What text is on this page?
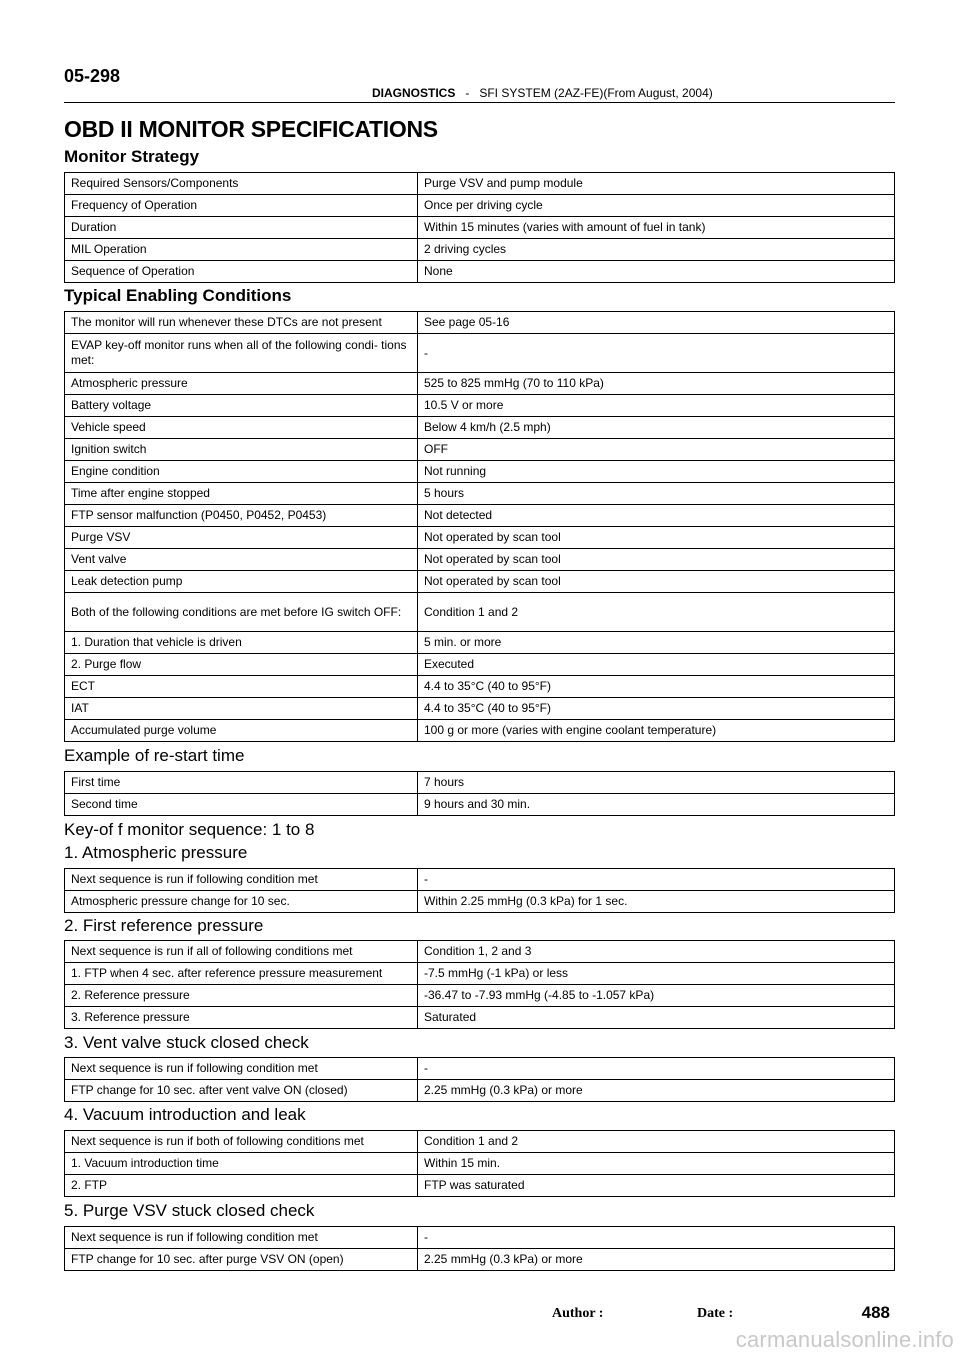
05-298
DIAGNOSTICS - SFI SYSTEM (2AZ-FE)(From August, 2004)
OBD II MONITOR SPECIFICATIONS
Monitor Strategy
Required Sensors/Components	Purge VSV and pump module
Frequency of Operation	Once per driving cycle
Duration	Within 15 minutes (varies with amount of fuel in tank)
MIL Operation	2 driving cycles
Sequence of Operation	None
Typical Enabling Conditions
The monitor will run whenever these DTCs are not present	See page 05-16
EVAP key-off monitor runs when all of the following condi- tions met:	-
Atmospheric pressure	525 to 825 mmHg (70 to 110 kPa)
Battery voltage	10.5 V or more
Vehicle speed	Below 4 km/h (2.5 mph)
Ignition switch	OFF
Engine condition	Not running
Time after engine stopped	5 hours
FTP sensor malfunction (P0450, P0452, P0453)	Not detected
Purge VSV	Not operated by scan tool
Vent valve	Not operated by scan tool
Leak detection pump	Not operated by scan tool
Both of the following conditions are met before IG switch OFF:	Condition 1 and 2
1. Duration that vehicle is driven	5 min. or more
2. Purge flow	Executed
ECT	4.4 to 35°C (40 to 95°F)
IAT	4.4 to 35°C (40 to 95°F)
Accumulated purge volume	100 g or more (varies with engine coolant temperature)
Example of re-start time
First time	7 hours
Second time	9 hours and 30 min.
Key-of f monitor sequence: 1 to 8
1. Atmospheric pressure
Next sequence is run if following condition met	-
Atmospheric pressure change for 10 sec.	Within 2.25 mmHg (0.3 kPa) for 1 sec.
2. First reference pressure
Next sequence is run if all of following conditions met	Condition 1, 2 and 3
1. FTP when 4 sec. after reference pressure measurement	-7.5 mmHg (-1 kPa) or less
2. Reference pressure	-36.47 to -7.93 mmHg (-4.85 to -1.057 kPa)
3. Reference pressure	Saturated
3. Vent valve stuck closed check
Next sequence is run if following condition met	-
FTP change for 10 sec. after vent valve ON (closed)	2.25 mmHg (0.3 kPa) or more
4. Vacuum introduction and leak
Next sequence is run if both of following conditions met	Condition 1 and 2
1. Vacuum introduction time	Within 15 min.
2. FTP	FTP was saturated
5. Purge VSV stuck closed check
Next sequence is run if following condition met	-
FTP change for 10 sec. after purge VSV ON (open)	2.25 mmHg (0.3 kPa) or more
488
Author :	Date :
carmanualsonline.info
